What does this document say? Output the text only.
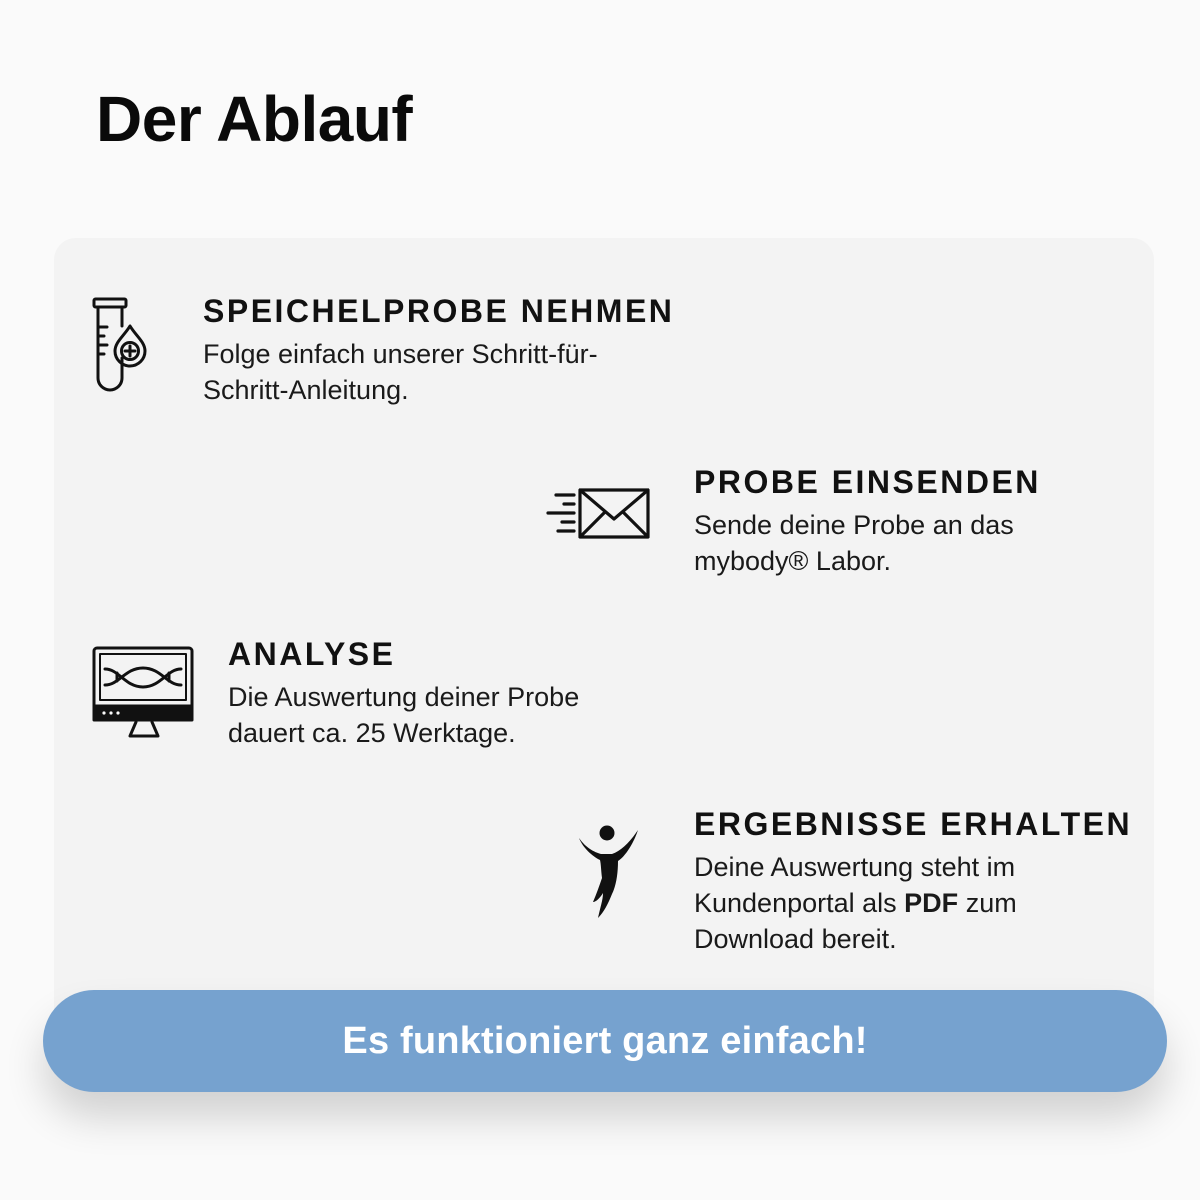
Der Ablauf
SPEICHELPROBE NEHMEN

Folge einfach unserer Schritt-für-Schritt-Anleitung.

PROBE EINSENDEN

Sende deine Probe an das mybody® Labor.

ANALYSE

Die Auswertung deiner Probe dauert ca. 25 Werktage.

ERGEBNISSE ERHALTEN

Deine Auswertung steht im Kundenportal als PDF zum Download bereit.

Es funktioniert ganz einfach!
